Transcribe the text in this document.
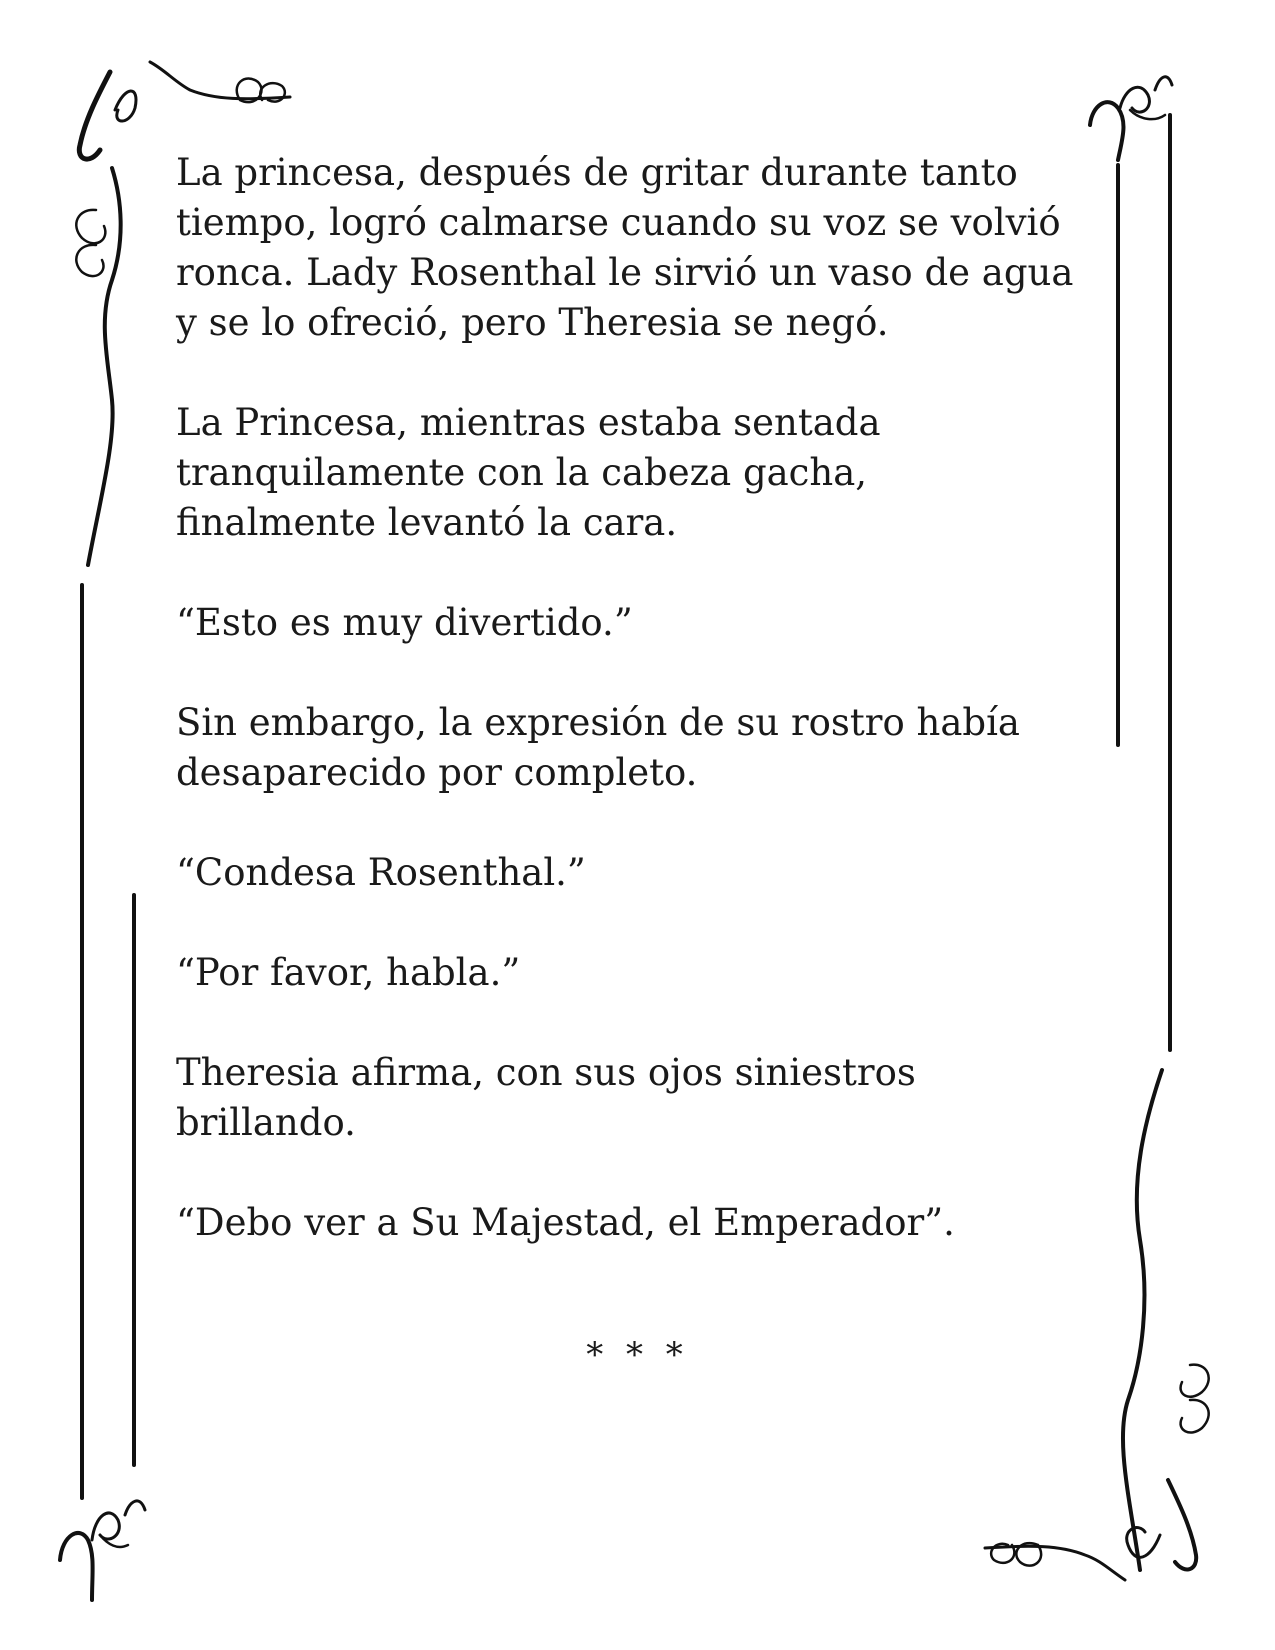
La princesa, después de gritar durante tanto
tiempo, logró calmarse cuando su voz se volvió
ronca. Lady Rosenthal le sirvió un vaso de agua
y se lo ofreció, pero Theresia se negó.

La Princesa, mientras estaba sentada
tranquilamente con la cabeza gacha,
finalmente levantó la cara.

“Esto es muy divertido.”

Sin embargo, la expresión de su rostro había
desaparecido por completo.

“Condesa Rosenthal.”

“Por favor, habla.”

Theresia afirma, con sus ojos siniestros
brillando.

“Debo ver a Su Majestad, el Emperador”.

* * *
